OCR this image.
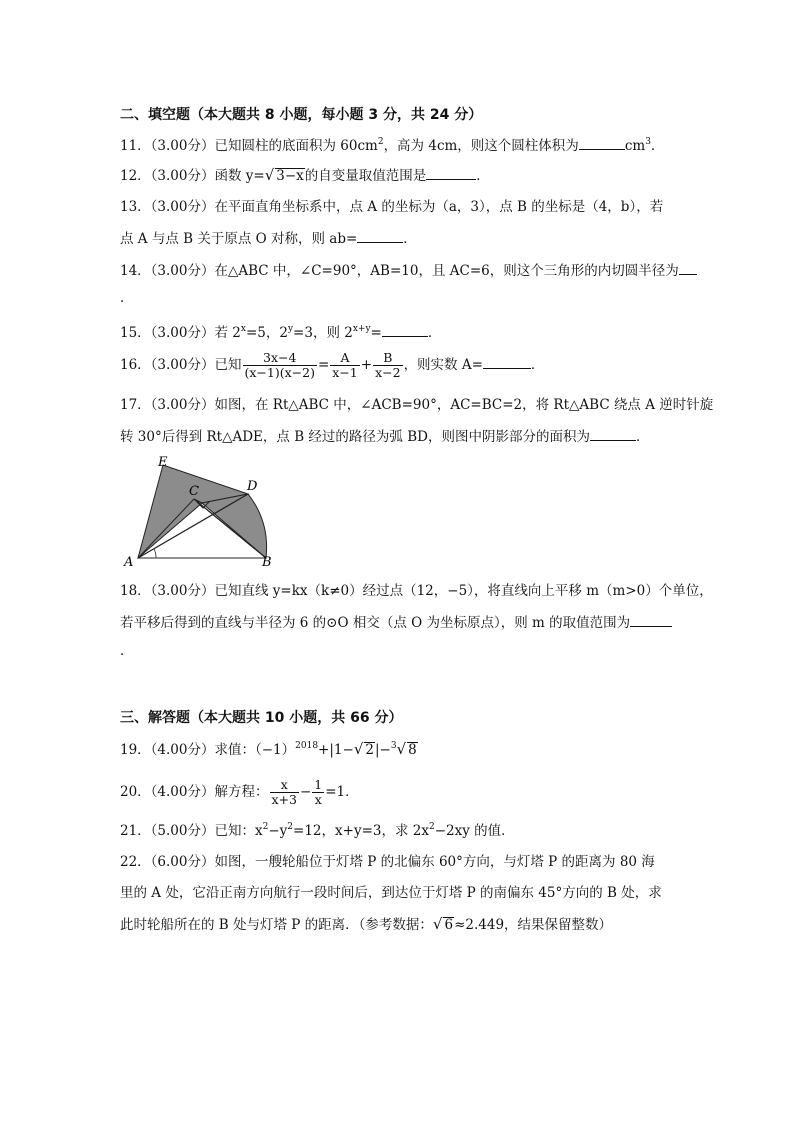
二、填空题（本大题共 8 小题，每小题 3 分，共 24 分）
11．（3.00分）已知圆柱的底面积为 $60cm^2$，高为 4cm，则这个圆柱体积为	$cm^3$．
12．（3.00分）函数 y=√ 3−x的自变量取值范围是	．
13．（3.00分）在平面直角坐标系中，点 A 的坐标为（a，3），点 B 的坐标是（4，b），若
点 A 与点 B 关于原点 O 对称，则 ab=	．
14．（3.00分）在△ABC 中，∠C=90°，AB=10，且 AC=6，则这个三角形的内切圆半径为
．
15．（3.00分）若 $2^x=5$，$2^y=3$，则 $2^{x+y}=$	．
16．（3.00分）已知 $\frac{3x-4}{(x-1)(x-2)} = \frac{A}{x-1} + \frac{B}{x-2}$ ，则实数 A=	．
17．（3.00分）如图，在 Rt△ABC 中，∠ACB=90°，AC=BC=2，将 Rt△ABC 绕点 A 逆时针旋
转 30°后得到 Rt△ADE，点 B 经过的路径为弧 BD，则图中阴影部分的面积为	．
E
C	D
A	B
18．（3.00分）已知直线 y=kx（k≠0）经过点（12，−5），将直线向上平移 m（m>0）个单位，
若平移后得到的直线与半径为 6 的⊙O 相交（点 O 为坐标原点），则 m 的取值范围为
．
三、解答题（本大题共 10 小题，共 66 分）
19．（4.00分）求值：$(-1)^{2018}+|1-√$ 2|−$^3$√ 8
20．（4.00分）解方程： $\frac{x}{x+3} - \frac{1}{x} =1$．
21．（5.00分）已知：$x^2-y^2=12$，x+y=3，求 $2x^2-2xy$ 的值．
22．（6.00分）如图，一艘轮船位于灯塔 P 的北偏东 60°方向，与灯塔 P 的距离为 80 海
里的 A 处，它沿正南方向航行一段时间后，到达位于灯塔 P 的南偏东 45°方向的 B 处，求
此时轮船所在的 B 处与灯塔 P 的距离．（参考数据：√ 6≈2.449，结果保留整数）
